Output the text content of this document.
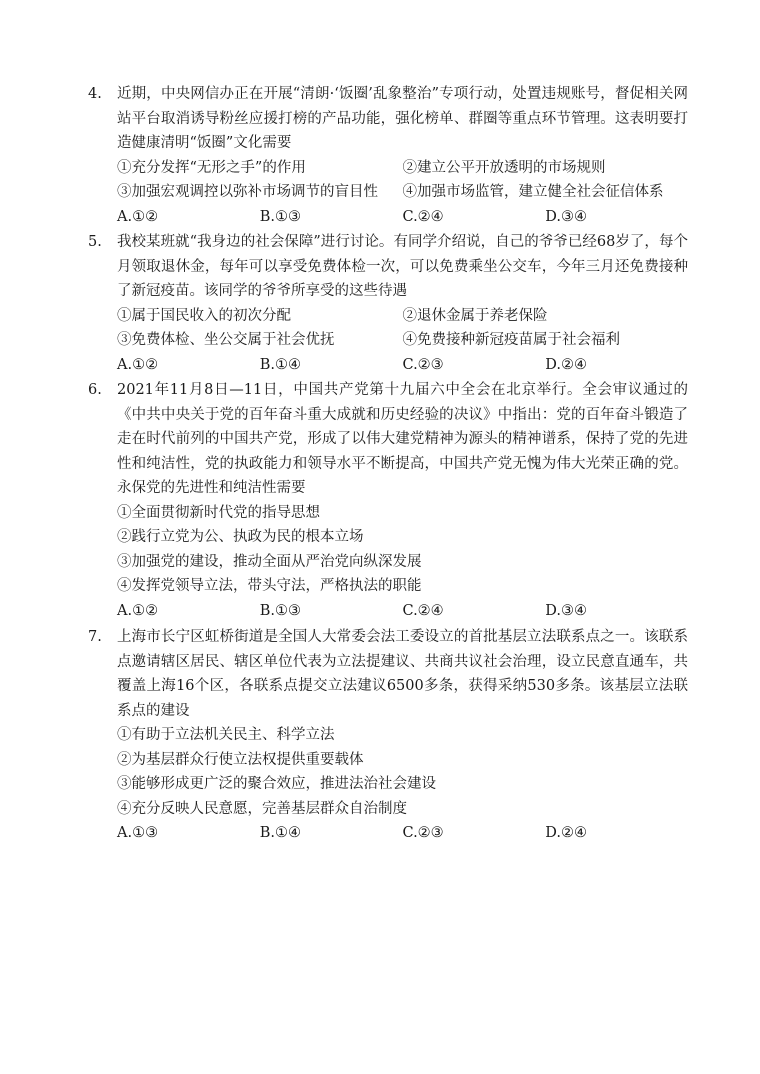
4.	近期，中央网信办正在开展“清朗·‘饭圈’乱象整治”专项行动，处置违规账号，督促相关网站平台取消诱导粉丝应援打榜的产品功能，强化榜单、群圈等重点环节管理。这表明要打造健康清明“饭圈”文化需要
①充分发挥“无形之手”的作用	②建立公平开放透明的市场规则
③加强宏观调控以弥补市场调节的盲目性	④加强市场监管，建立健全社会征信体系
A.①②	B.①③	C.②④	D.③④
5.	我校某班就“我身边的社会保障”进行讨论。有同学介绍说，自己的爷爷已经68岁了，每个月领取退休金，每年可以享受免费体检一次，可以免费乘坐公交车，今年三月还免费接种了新冠疫苗。该同学的爷爷所享受的这些待遇
①属于国民收入的初次分配	②退休金属于养老保险
③免费体检、坐公交属于社会优抚	④免费接种新冠疫苗属于社会福利
A.①②	B.①④	C.②③	D.②④
6.	2021年11月8日—11日，中国共产党第十九届六中全会在北京举行。全会审议通过的《中共中央关于党的百年奋斗重大成就和历史经验的决议》中指出：党的百年奋斗锻造了走在时代前列的中国共产党，形成了以伟大建党精神为源头的精神谱系，保持了党的先进性和纯洁性，党的执政能力和领导水平不断提高，中国共产党无愧为伟大光荣正确的党。永保党的先进性和纯洁性需要
①全面贯彻新时代党的指导思想
②践行立党为公、执政为民的根本立场
③加强党的建设，推动全面从严治党向纵深发展
④发挥党领导立法，带头守法，严格执法的职能
A.①②	B.①③	C.②④	D.③④
7.	上海市长宁区虹桥街道是全国人大常委会法工委设立的首批基层立法联系点之一。该联系点邀请辖区居民、辖区单位代表为立法提建议、共商共议社会治理，设立民意直通车，共覆盖上海16个区，各联系点提交立法建议6500多条，获得采纳530多条。该基层立法联系点的建设
①有助于立法机关民主、科学立法
②为基层群众行使立法权提供重要载体
③能够形成更广泛的聚合效应，推进法治社会建设
④充分反映人民意愿，完善基层群众自治制度
A.①③	B.①④	C.②③	D.②④
